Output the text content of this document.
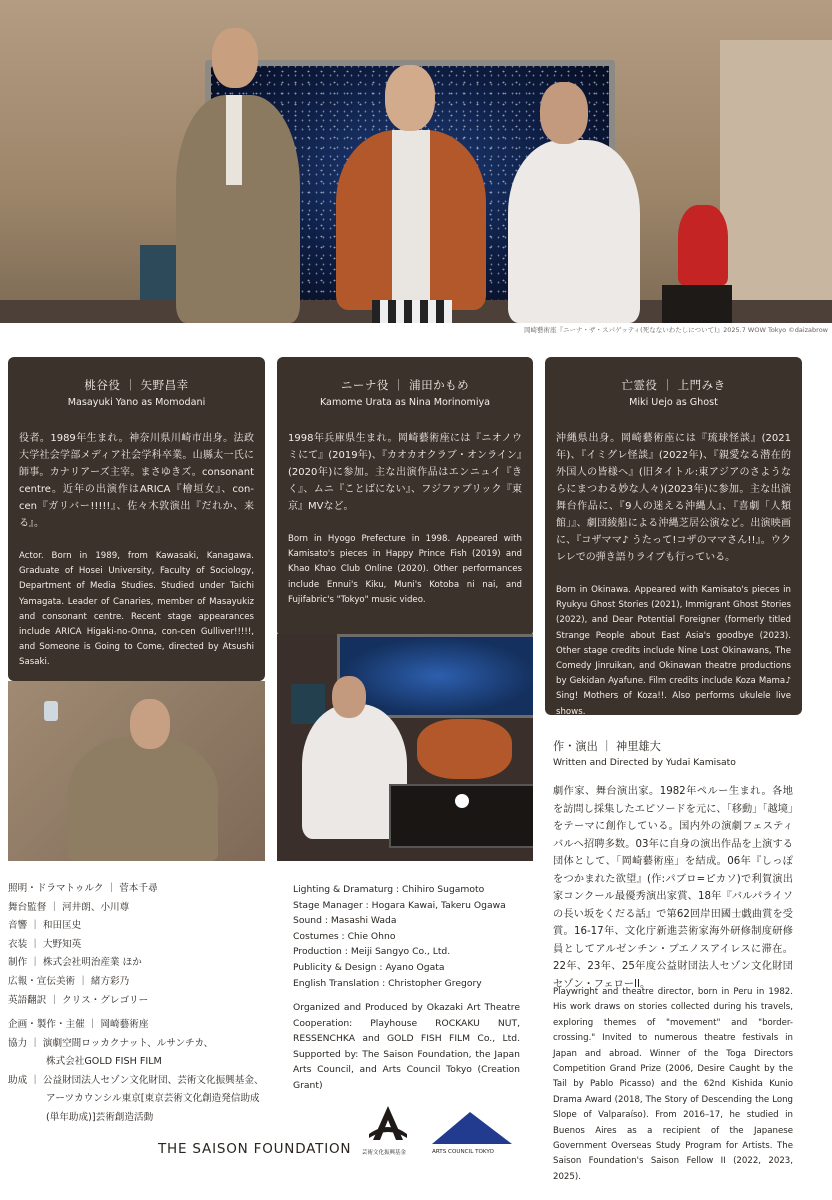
岡崎藝術座『ニーナ・ザ・スパゲッティ(死なないわたしについて)』2025.7 WOW Tokyo ©daizabrow
桃谷役 ｜ 矢野昌幸
Masayuki Yano as Momodani
役者。1989年生まれ。神奈川県川崎市出身。法政大学社会学部メディア社会学科卒業。山縣太一氏に師事。カナリアーズ主宰。まさゆきズ。consonant centre。近年の出演作はARICA『檜垣女』、con-cen『ガリバー!!!!!』、佐々木敦演出『だれか、来る』。
Actor. Born in 1989, from Kawasaki, Kanagawa. Graduate of Hosei University, Faculty of Sociology, Department of Media Studies. Studied under Taichi Yamagata. Leader of Canaries, member of Masayukiz and consonant centre. Recent stage appearances include ARICA Higaki-no-Onna, con-cen Gulliver!!!!!, and Someone is Going to Come, directed by Atsushi Sasaki.
ニーナ役 ｜ 浦田かもめ
Kamome Urata as Nina Morinomiya
1998年兵庫県生まれ。岡崎藝術座には『ニオノウミにて』(2019年)、『カオカオクラブ・オンライン』(2020年)に参加。主な出演作品はエンニュイ『きく』、ムニ『ことばにない』、フジファブリック『東京』MVなど。
Born in Hyogo Prefecture in 1998. Appeared with Kamisato's pieces in Happy Prince Fish (2019) and Khao Khao Club Online (2020). Other performances include Ennui's Kiku, Muni's Kotoba ni nai, and Fujifabric's "Tokyo" music video.
亡霊役 ｜ 上門みき
Miki Uejo as Ghost
沖縄県出身。岡崎藝術座には『琉球怪談』(2021年)、『イミグレ怪談』(2022年)、『親愛なる潜在的外国人の皆様へ』(旧タイトル:東アジアのさようならにまつわる妙な人々)(2023年)に参加。主な出演舞台作品に、『9人の迷える沖縄人』、『喜劇「人類館」』、劇団綾船による沖縄芝居公演など。出演映画に、『コザママ♪ うたって!コザのママさん!!』。ウクレレでの弾き語りライブも行っている。
Born in Okinawa. Appeared with Kamisato's pieces in Ryukyu Ghost Stories (2021), Immigrant Ghost Stories (2022), and Dear Potential Foreigner (formerly titled Strange People about East Asia's goodbye (2023). Other stage credits include Nine Lost Okinawans, The Comedy Jinruikan, and Okinawan theatre productions by Gekidan Ayafune. Film credits include Koza Mama♪ Sing! Mothers of Koza!!. Also performs ukulele live shows.
作・演出 ｜ 神里雄大
Written and Directed by Yudai Kamisato
劇作家、舞台演出家。1982年ペルー生まれ。各地を訪問し採集したエピソードを元に、「移動」「越境」をテーマに創作している。国内外の演劇フェスティバルへ招聘多数。03年に自身の演出作品を上演する団体として、「岡崎藝術座」を結成。06年『しっぽをつかまれた欲望』(作:パブロ=ピカソ)で利賀演出家コンクール最優秀演出家賞、18年『バルパライソの長い坂をくだる話』で第62回岸田國士戯曲賞を受賞。16-17年、文化庁新進芸術家海外研修制度研修員としてアルゼンチン・ブエノスアイレスに滞在。22年、23年、25年度公益財団法人セゾン文化財団セゾン・フェローII。
Playwright and theatre director, born in Peru in 1982. His work draws on stories collected during his travels, exploring themes of "movement" and "border-crossing." Invited to numerous theatre festivals in Japan and abroad. Winner of the Toga Directors Competition Grand Prize (2006, Desire Caught by the Tail by Pablo Picasso) and the 62nd Kishida Kunio Drama Award (2018, The Story of Descending the Long Slope of Valparaíso). From 2016–17, he studied in Buenos Aires as a recipient of the Japanese Government Overseas Study Program for Artists. The Saison Foundation's Saison Fellow II (2022, 2023, 2025).
照明・ドラマトゥルク ｜ 菅本千尋
舞台監督 ｜ 河井朗、小川尊
音響 ｜ 和田匡史
衣装 ｜ 大野知英
制作 ｜ 株式会社明治産業 ほか
広報・宣伝美術 ｜ 緒方彩乃
英語翻訳 ｜ クリス・グレゴリー
企画・製作・主催 ｜ 岡崎藝術座
協力 ｜ 演劇空間ロッカクナット、ルサンチカ、
株式会社GOLD FISH FILM
助成 ｜ 公益財団法人セゾン文化財団、芸術文化振興基金、
アーツカウンシル東京[東京芸術文化創造発信助成
(単年助成)]芸術創造活動
Lighting & Dramaturg : Chihiro Sugamoto
Stage Manager : Hogara Kawai, Takeru Ogawa
Sound : Masashi Wada
Costumes : Chie Ohno
Production : Meiji Sangyo Co., Ltd.
Publicity & Design : Ayano Ogata
English Translation : Christopher Gregory
Organized and Produced by Okazaki Art Theatre Cooperation: Playhouse ROCKAKU NUT, RESSENCHKA and GOLD FISH FILM Co., Ltd. Supported by: The Saison Foundation, the Japan Arts Council, and Arts Council Tokyo (Creation Grant)
THE SAISON FOUNDATION 芸術文化振興基金	ARTS COUNCIL TOKYO
